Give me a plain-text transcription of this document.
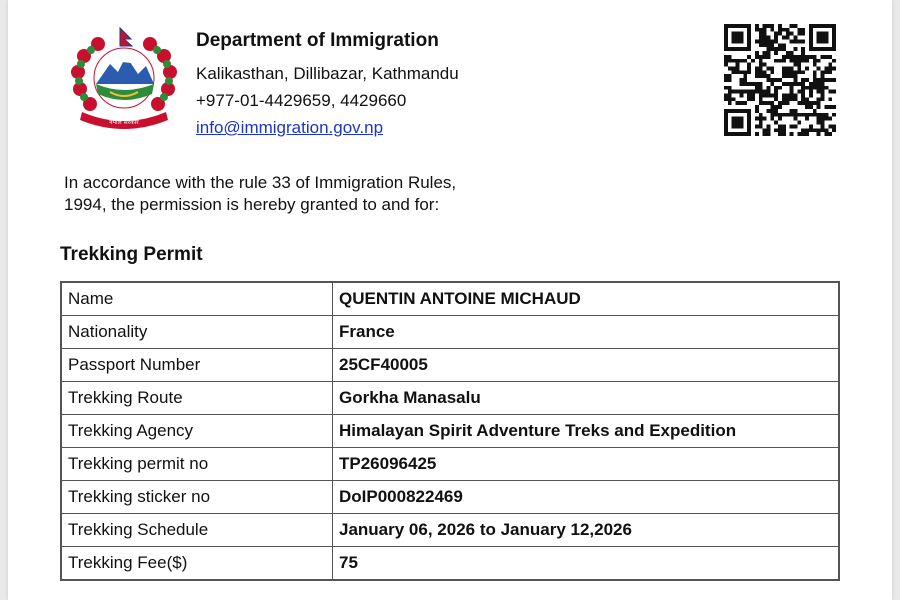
नेपाल सरकार
Department of Immigration
Kalikasthan, Dillibazar, Kathmandu
+977-01-4429659, 4429660
info@immigration.gov.np
In accordance with the rule 33 of Immigration Rules,
1994, the permission is hereby granted to and for:
Trekking Permit
Name	QUENTIN ANTOINE MICHAUD
Nationality	France
Passport Number	25CF40005
Trekking Route	Gorkha Manasalu
Trekking Agency	Himalayan Spirit Adventure Treks and Expedition
Trekking permit no	TP26096425
Trekking sticker no	DoIP000822469
Trekking Schedule	January 06, 2026 to January 12,2026
Trekking Fee($)	75
